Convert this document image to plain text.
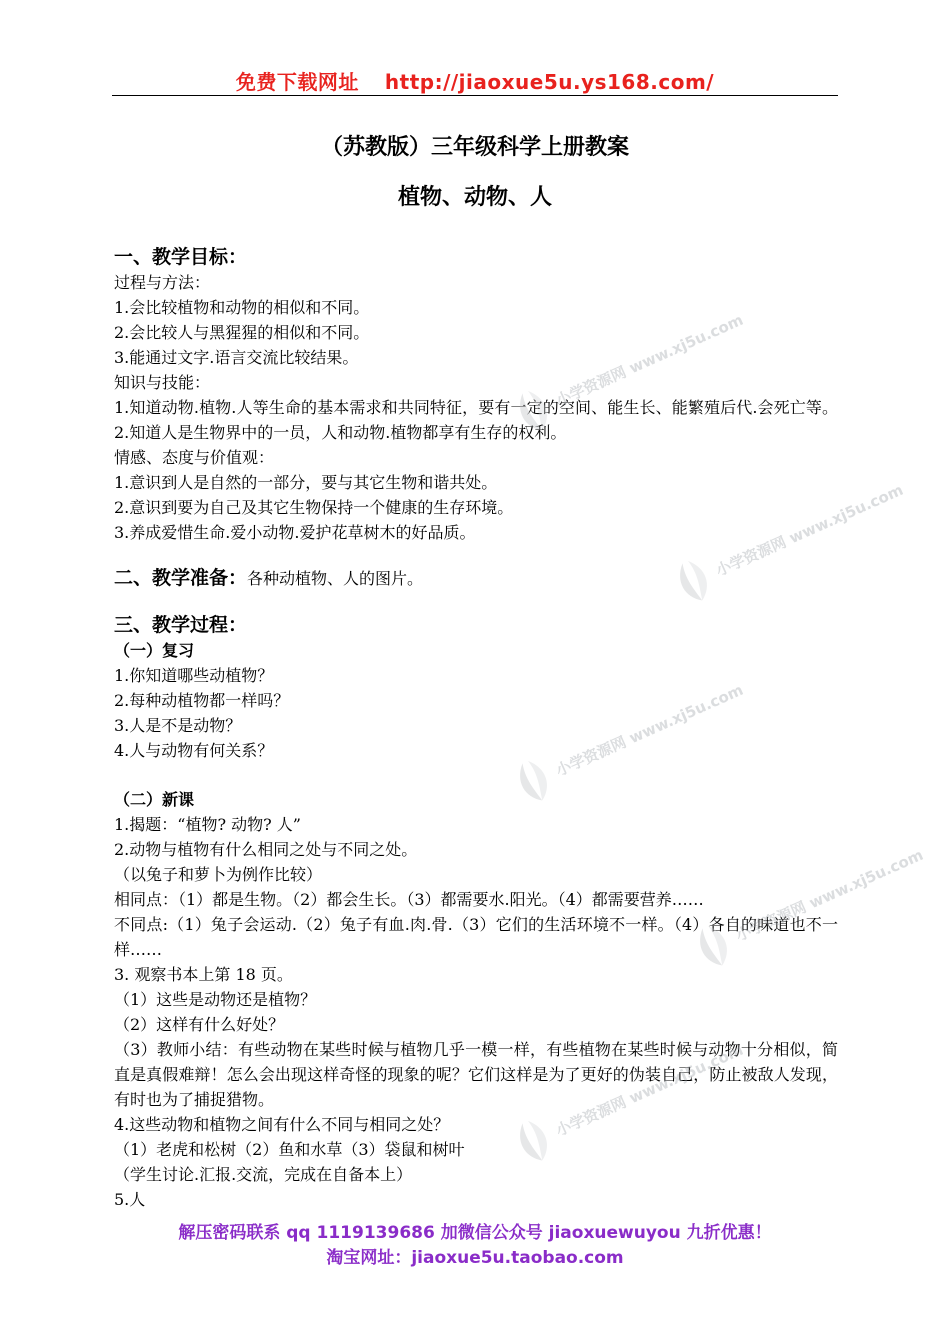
免费下载网址 http://jiaoxue5u.ys168.com/
（苏教版）三年级科学上册教案
植物、动物、人
一、教学目标：
过程与方法：
1.会比较植物和动物的相似和不同。
2.会比较人与黑猩猩的相似和不同。
3.能通过文字.语言交流比较结果。
知识与技能：
1.知道动物.植物.人等生命的基本需求和共同特征，要有一定的空间、能生长、能繁殖后代.会死亡等。2.知道人是生物界中的一员，人和动物.植物都享有生存的权利。
情感、态度与价值观：
1.意识到人是自然的一部分，要与其它生物和谐共处。
2.意识到要为自己及其它生物保持一个健康的生存环境。
3.养成爱惜生命.爱小动物.爱护花草树木的好品质。
二、教学准备：各种动植物、人的图片。
三、教学过程：
（一）复习
1.你知道哪些动植物？
2.每种动植物都一样吗？
3.人是不是动物？
4.人与动物有何关系？
（二）新课
1.揭题：“植物? 动物? 人”
2.动物与植物有什么相同之处与不同之处。
（以兔子和萝卜为例作比较）
相同点：（1）都是生物。（2）都会生长。（3）都需要水.阳光。（4）都需要营养……
不同点:（1）兔子会运动.（2）兔子有血.肉.骨.（3）它们的生活环境不一样。（4）各自的味道也不一样……
3. 观察书本上第 18 页。
（1）这些是动物还是植物？
（2）这样有什么好处？
（3）教师小结：有些动物在某些时候与植物几乎一模一样，有些植物在某些时候与动物十分相似，简直是真假难辩！怎么会出现这样奇怪的现象的呢？它们这样是为了更好的伪装自己，防止被敌人发现，有时也为了捕捉猎物。
4.这些动物和植物之间有什么不同与相同之处？
（1）老虎和松树（2）鱼和水草（3）袋鼠和树叶
（学生讨论.汇报.交流，完成在自备本上）
5.人
小学资源网 www.xj5u.com
小学资源网 www.xj5u.com
小学资源网 www.xj5u.com
小学资源网 www.xj5u.com
小学资源网 www.xj5u.com
解压密码联系 qq 1119139686 加微信公众号 jiaoxuewuyou 九折优惠！
淘宝网址：jiaoxue5u.taobao.com
